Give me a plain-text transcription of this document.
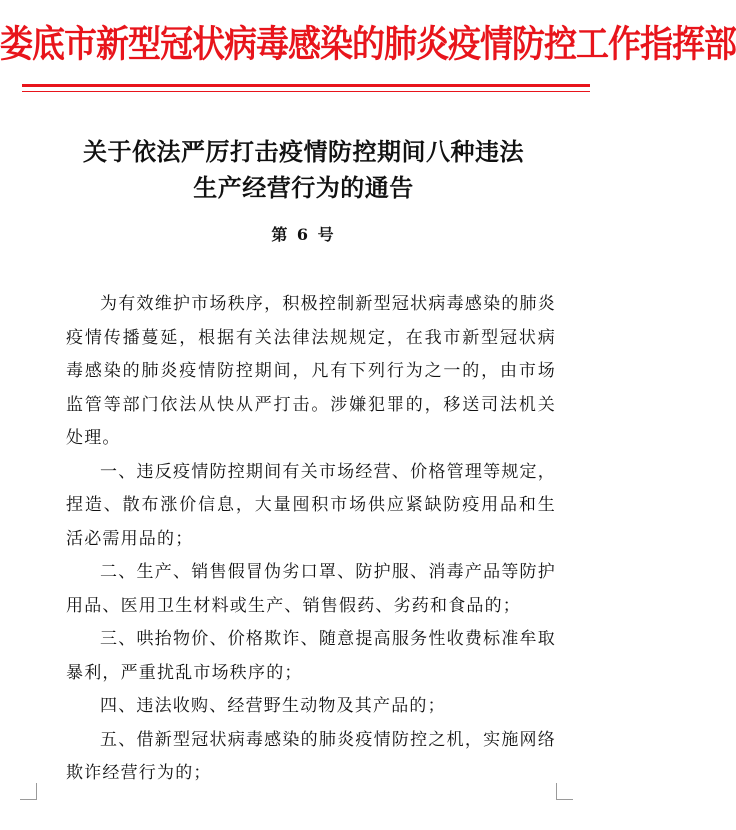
娄底市新型冠状病毒感染的肺炎疫情防控工作指挥部
关于依法严厉打击疫情防控期间八种违法
生产经营行为的通告
第 6 号

为有效维护市场秩序，积极控制新型冠状病毒感染的肺炎疫情传播蔓延，根据有关法律法规规定，在我市新型冠状病毒感染的肺炎疫情防控期间，凡有下列行为之一的，由市场监管等部门依法从快从严打击。涉嫌犯罪的，移送司法机关处理。

一、违反疫情防控期间有关市场经营、价格管理等规定，捏造、散布涨价信息，大量囤积市场供应紧缺防疫用品和生活必需用品的；

二、生产、销售假冒伪劣口罩、防护服、消毒产品等防护用品、医用卫生材料或生产、销售假药、劣药和食品的；

三、哄抬物价、价格欺诈、随意提高服务性收费标准牟取暴利，严重扰乱市场秩序的；

四、违法收购、经营野生动物及其产品的；

五、借新型冠状病毒感染的肺炎疫情防控之机，实施网络欺诈经营行为的；
